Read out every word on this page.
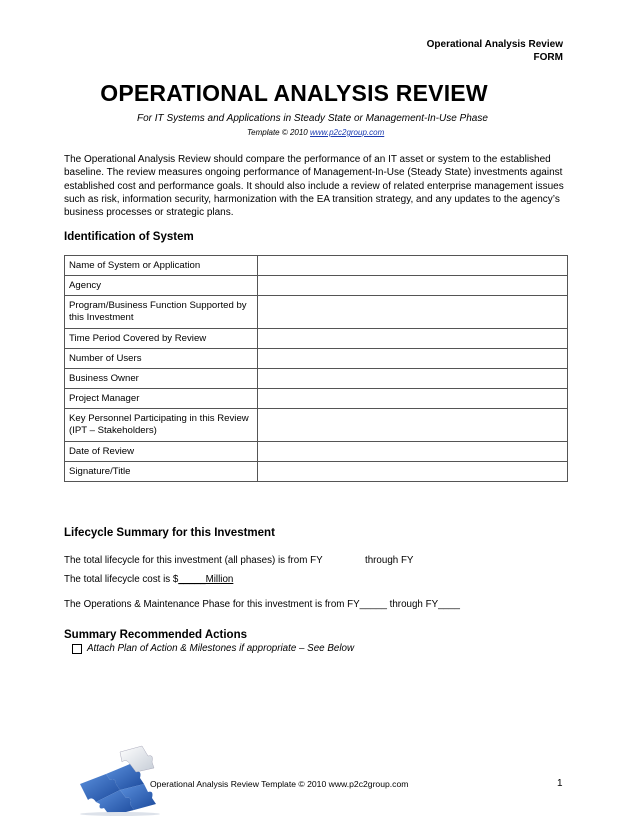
Operational Analysis Review
FORM
OPERATIONAL ANALYSIS REVIEW
For IT Systems and Applications in Steady State or Management-In-Use Phase
Template © 2010 www.p2c2group.com
The Operational Analysis Review should compare the performance of an IT asset or system to the established baseline. The review measures ongoing performance of Management-In-Use (Steady State) investments against established cost and performance goals. It should also include a review of related enterprise management issues such as risk, information security, harmonization with the EA transition strategy, and any updates to the agency’s business processes or strategic plans.
Identification of System
Name of System or Application	
Agency	
Program/Business Function Supported by this Investment	
Time Period Covered by Review	
Number of Users	
Business Owner	
Project Manager	
Key Personnel Participating in this Review (IPT – Stakeholders)	
Date of Review	
Signature/Title	
Lifecycle Summary for this Investment
The total lifecycle for this investment (all phases) is from FY	through FY
The total lifecycle cost is $_____Million
The Operations & Maintenance Phase for this investment is from FY_____ through FY____
Summary Recommended Actions
Attach Plan of Action & Milestones if appropriate – See Below
Operational Analysis Review Template © 2010 www.p2c2group.com	1
